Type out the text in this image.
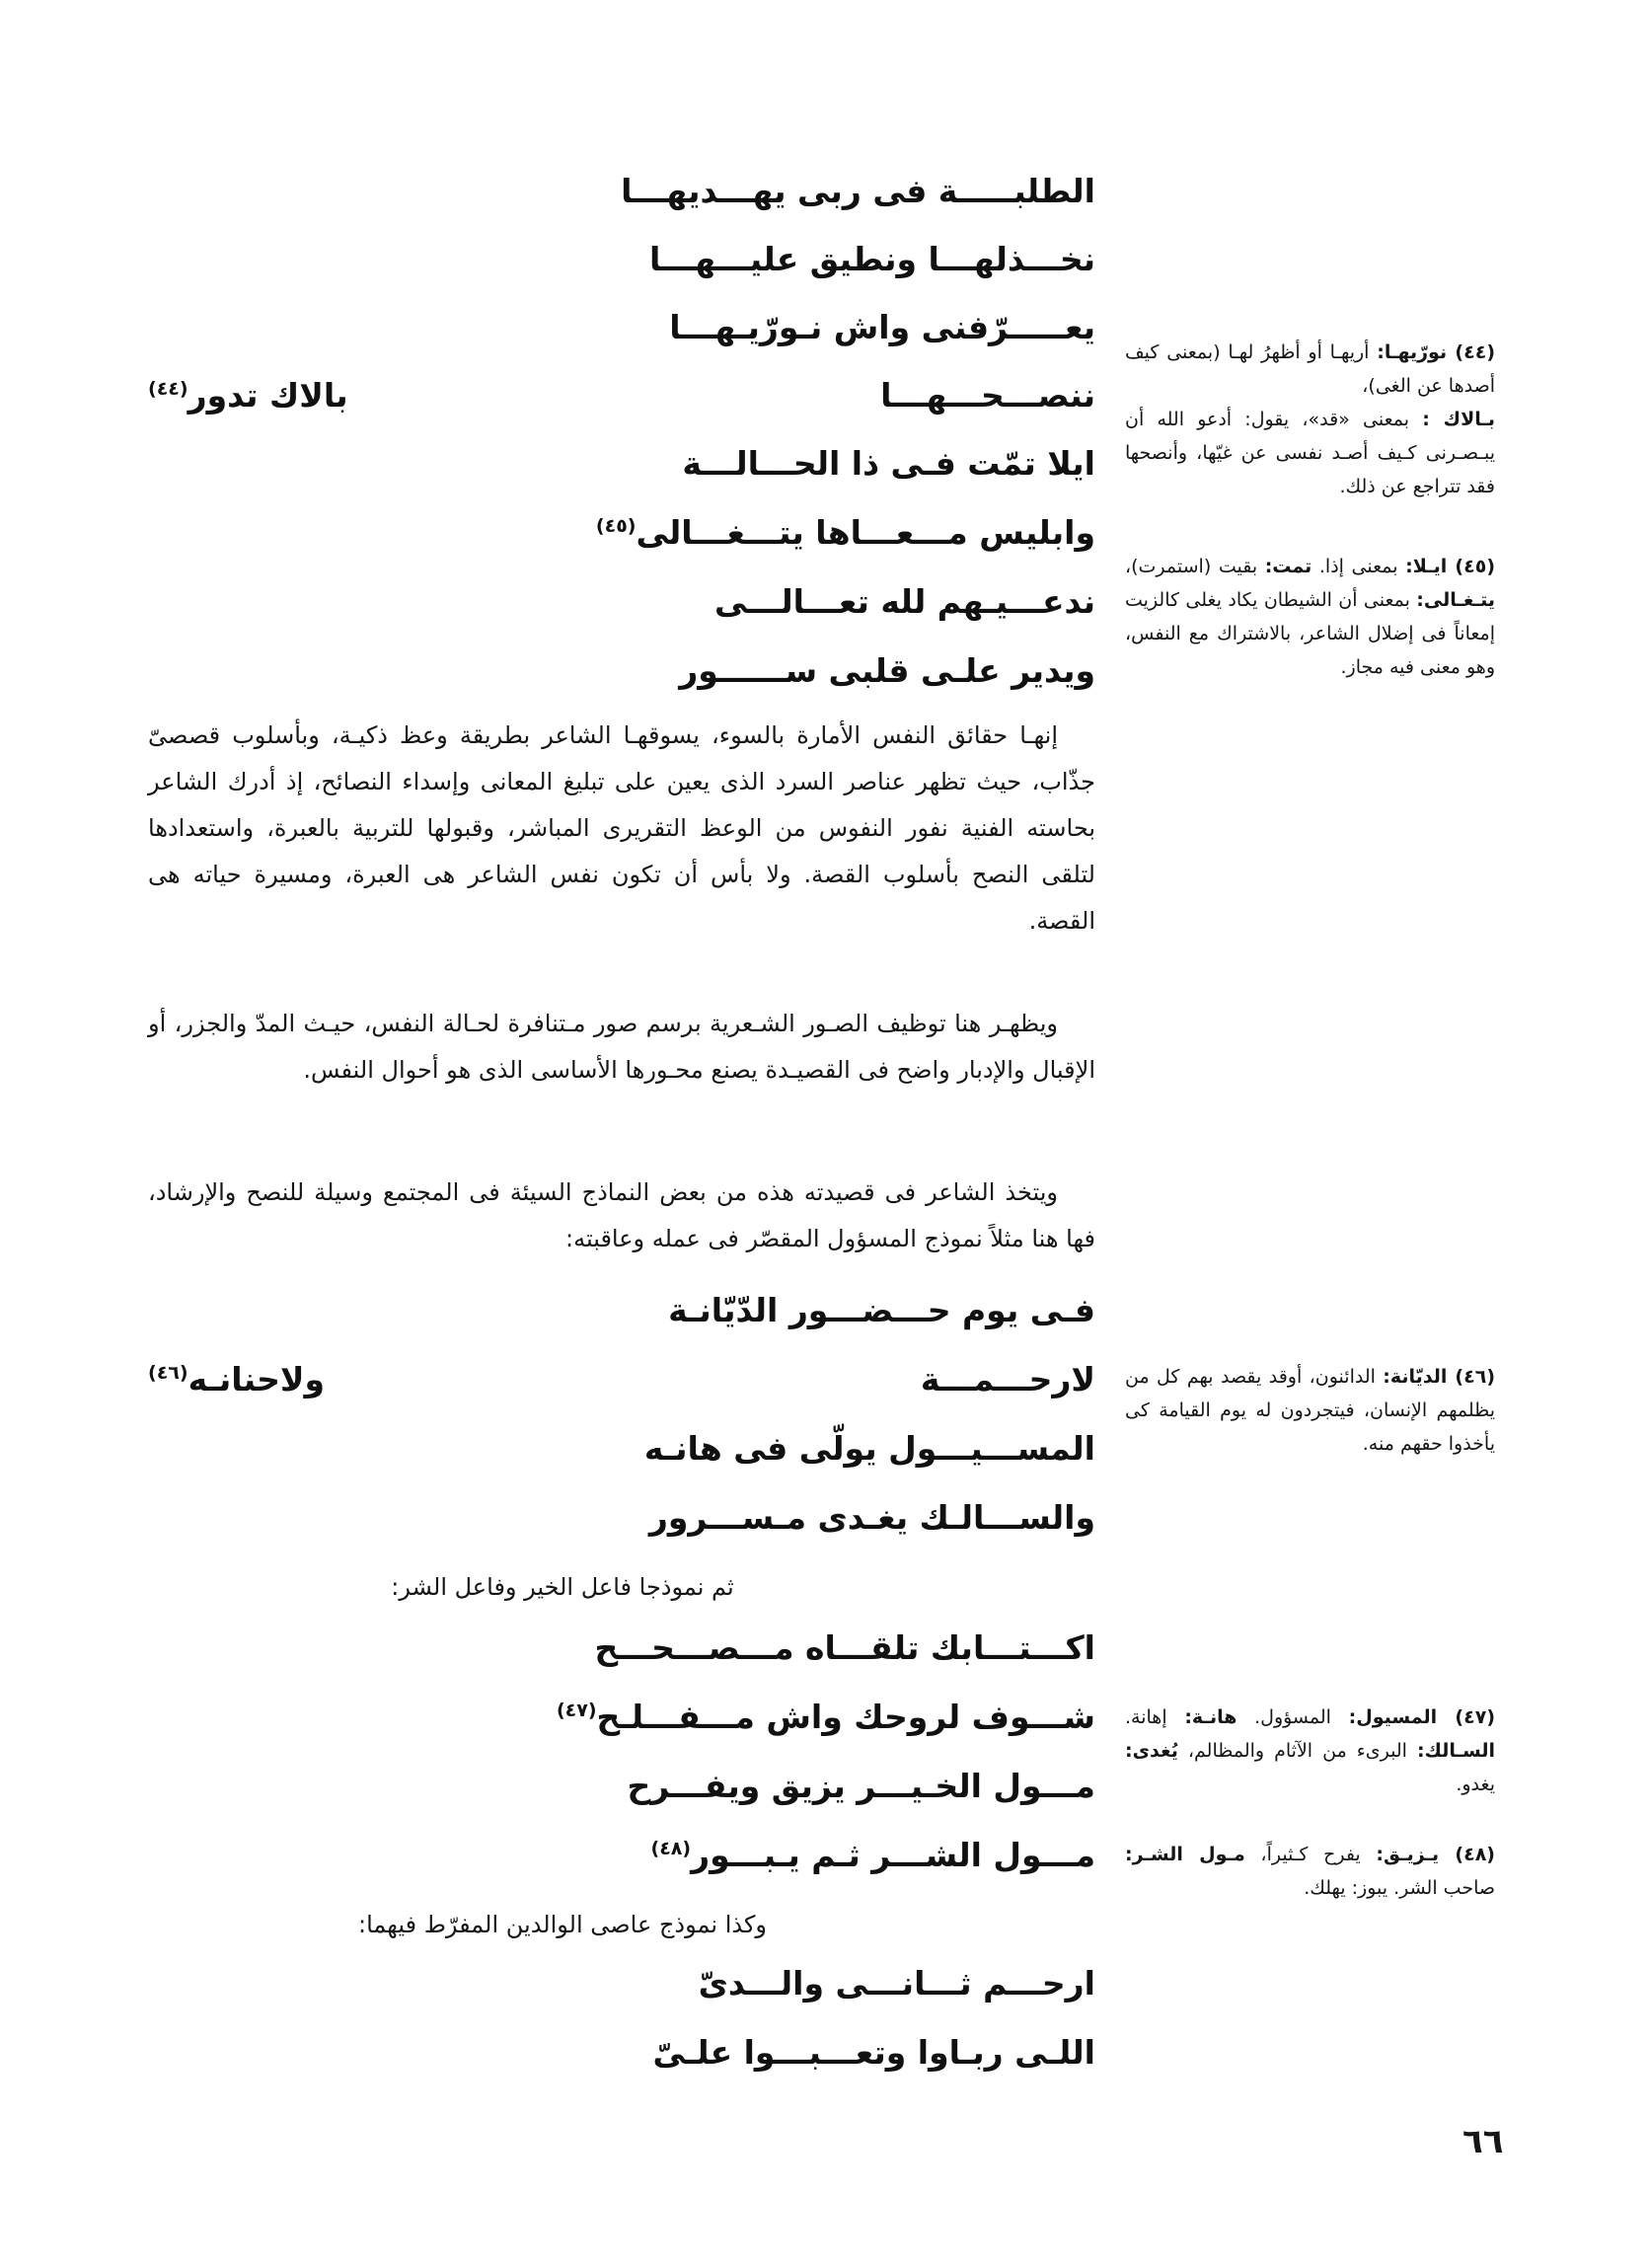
الطلبـــــة فى ربى يهـــديهـــا
نخـــذلهـــا ونطيق عليـــهـــا
يعـــــرّفنى واش نـورّيـهـــا
ننصـــحـــهـــا
بالاك تدور$^{(٤٤)}$
ايلا تمّت فـى ذا الحـــالـــة
وابليس مـــعـــاها يتـــغـــالى$^{(٤٥)}$
ندعـــيـهم لله تعـــالـــى
ويدير علـى قلبى ســــــور

إنهـا حقائق النفس الأمارة بالسوء، يسوقهـا الشاعر بطريقة وعظ ذكيـة، وبأسلوب قصصىّ جذّاب، حيث تظهر عناصر السرد الذى يعين على تبليغ المعانى وإسداء النصائح، إذ أدرك الشاعر بحاسته الفنية نفور النفوس من الوعظ التقريرى المباشر، وقبولها للتربية بالعبرة، واستعدادها لتلقى النصح بأسلوب القصة. ولا بأس أن تكون نفس الشاعر هى العبرة، ومسيرة حياته هى القصة.

ويظهـر هنا توظيف الصـور الشـعرية برسم صور مـتنافرة لحـالة النفس، حيـث المدّ والجزر، أو الإقبال والإدبار واضح فى القصيـدة يصنع محـورها الأساسى الذى هو أحوال النفس.

ويتخذ الشاعر فى قصيدته هذه من بعض النماذج السيئة فى المجتمع وسيلة للنصح والإرشاد، فها هنا مثلاً نموذج المسؤول المقصّر فى عمله وعاقبته:

فـى يوم حـــضـــور الدّيّانـة
لارحـــمـــة
ولاحنانـه$^{(٤٦)}$
المســـيـــول يولّى فى هانـه
والســـالـك يغـدى مـســـرور
ثم نموذجا فاعل الخير وفاعل الشر:
اكـــتـــابك تلقـــاه مـــصـــحـــح
شـــوف لروحك واش مـــفـــلـح$^{(٤٧)}$
مـــول الخـيـــر يزيق ويفـــرح
مـــول الشـــر ثـم يـبـــور$^{(٤٨)}$
وكذا نموذج عاصى الوالدين المفرّط فيهما:
ارحـــم ثـــانـــى والـــدىّ
اللـى ربـاوا وتعـــبـــوا علـىّ

(٤٤) نورّيهـا: أريهـا أو أظهرُ لهـا (بمعنى كيف أصدها عن الغى)،

بـالاك : بمعنى «قد»، يقول: أدعو الله أن يبـصـرنى كـيف أصـد نفسى عن غيّها، وأنصحها فقد تتراجع عن ذلك.

(٤٥) ايـلا: بمعنى إذا. تمت: بقيت (استمرت)، يتـغـالى: بمعنى أن الشيطان يكاد يغلى كالزيت إمعاناً فى إضلال الشاعر، بالاشتراك مع النفس، وهو معنى فيه مجاز.

(٤٦) الديّانة: الدائنون، أوقد يقصد بهم كل من يظلمهم الإنسان، فيتجردون له يوم القيامة كى يأخذوا حقهم منه.

(٤٧) المسيول: المسؤول. هانـة: إهانة. السـالك: البرىء من الآثام والمظالم، يُغدى: يغدو.

(٤٨) يـزيـق: يفرح كـثيراً، مـول الشـر: صاحب الشر. يبوز: يهلك.

٦٦
